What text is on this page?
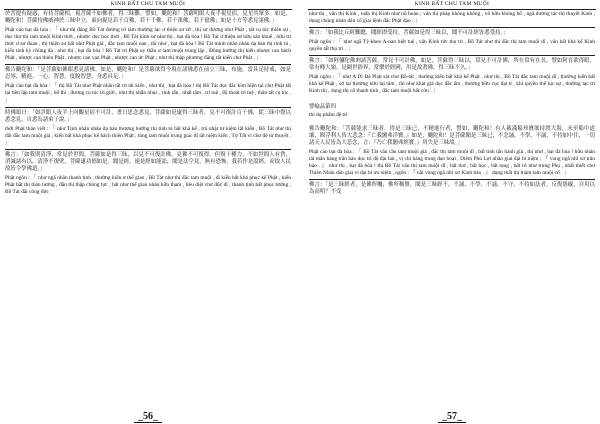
KINH BẤT CHU TAM MUỘI
於菩提有疑惑，有持菩薩相，視菩薩不如佛者，得三昧難。譬如，颰陀和！菩薩明眼人夜半視星宿，見星其眾多。如是，颰陀和！菩薩持佛威神於三昧中立，東向視見若千百佛，若千千佛，若千萬佛，若千億佛；如是十方等悉見諸佛。」
Phật cáo bạt đà hòa : 「 như thị đắng Bồ Tát đương trì tâm thường lạc ư thiện sư sở , thị sư đương như Phật , tát cụ túc thiên sự , dục thư thị tam muội Kinh thời , nhược dục học thời , Bồ Tát kính sư như thị , bạt đà hòa ! Bồ Tát ư thiện sư hữu sân khuể , hữu tri thức ư sư đoan , thị thiện sư bất như Phật giả , đắc tam muội nan , thí như , bạt đà hòa ! Bồ Tát minh nhãn nhân dạ bán thị tinh tú , kiến tinh kỳ chúng đa . như thị , bạt đà hòa ! Bồ Tát trì Phật uy thần ư tam muội trung lập , Đông hướng thị kiến nhược can bách Phật , nhược can thiên Phật , nhược can vạn Phật , nhược can ức Phật ; như thị thập phương đẳng tất kiến chư Phật . 」
佛告颰陀和：「是菩薩如佛眼悉見諸佛。如是，颰陀和！是菩薩欲得今現在諸佛悉在前立三昧，布施，當具足持戒，如是忍辱、精進、一心、智慧，度脫智慧，身悉具足。」
Phật cáo bạt đà hòa : 「 thị Bồ Tát như Phật nhãn tất trì tất kiến , như thị , bạt đà hòa ! thị Bồ Tát dục đắc kim hiện tại chư Phật tất tại tiền lập tam muội , bố thí , đương cụ túc trì giới , như thị nhẫn nhục , tinh tấn , nhất tâm , trí tuệ , độ thoát trí tuệ , thân tất cụ túc . 」
時佛頌曰：「如評眼人夜半上向觀星宿不可計，晝日思念悉見，菩薩如是逮得三昧者，見不可復計百千佛，從三昧中覺以悉念見，自悉為諸弟子說。」
thời Phật thán viết : 「 như Tịnh nhãn nhân dạ bán thượng hướng thị tinh tú bất khả kế , trú nhật tư niệm tất kiến , Bồ Tát như thị đãi đắc tam muội giả , kiến bất khả phục kế bách thiên Phật , tùng tam muội trung giác dĩ tất niệm kiến , Tự Tất vi chư đệ tử thuyết . 」
佛言：「如我則清淨，常見於世間，菩薩如是得三昧，以見不可復計佛，見佛不可復得，但復十種力。不如世間人有貪，消滅諸有以，清淨不復壁，菩薩逮功德如是。聞是經，速是經如能訟，聞是法空見，無有恐怖，我若作是說經，而取人民故皆令學佛道。」
Phật ngôn : 「 như ngã nhãn thanh tịnh , thường kiến ư thế gian , Bồ Tát như thị đắc tam muội , dĩ kiến bất khả phục kế Phật , kiến Phật bất thị thân tướng , đãn thị thập chủng lực , bất như thế gian nhân hữu tham , tiêu diệt chư độc dĩ , thanh tịnh bất phục tướng , Bồ Tát đãi công đức
_56_
KINH BẤT CHU TAM MUỘI
như thị , văn thị Kinh , tuấn thị Kinh như nổ hoàn ; văn thị pháp không không , vô hữu khủng bố , ngã đương tác thị thuyết Kinh , dụng chúng nhân dân cố giai lệnh đắc Phật đạo . 」
佛言：「如我比丘阿難聰，聞經即受持，菩薩如是得三昧以，聞不可計經皆悉受持。」
Phật ngôn : 「 như ngã Tỳ-kheo A-nan hiệt tuệ , văn Kinh tức thọ trì , Bồ Tát như thị đắc thị tam muội dĩ , văn bất khả kế Kinh quyền tất thọ trì . 」
佛言：「如阿彌陀佛剎諸菩薩，常見不可計佛，如是，菩薩得三昧以，常見不可計佛，所在常有在長，譬如阿育欲得眼，常有峰大嶺、見網世俗界，常樂於經國，用是故著佛，得三昧不久。」
Phật ngôn : 「 như A Di Đà Phật sát chư Bồ-tát , thường kiến bất khả kế Phật , như thị , Bồ Tát đắc tam muội dĩ , thường kiến bất khả kế Phật , sở tại thường hữu tại tâm , thí như khát giả dục đắc ẩm , thường hữu cục đại tỉ , khí quyền thế tục sự , thường lạc trì Kinh thị , dụng thị cố thanh tịnh , đắc tam muội bất cửu . 」
譬喻品第四
thí dụ phẩm đệ tứ
佛告颰陀和：「菩薩能求三昧者，得是三昧已，不精進行者，譬如，颰陀和！有人載滿船珍寶欲持渡大海，未至船中道壞，閻浮利人皆大悲念：『亡我闍弗浮寶。』如是，颰陀和！是菩薩聞是三昧已，不念誦、不學、不誦、不持如中住，一切諸天人民皆為大悲念，言：『乃亡我闍弗經寶。』用失是三昧故。」
Phật cáo bạt đà hòa : 「 Bồ Tát văn cầu tam muội giả , đắc thị tam muội dĩ , bất tinh tấn hành giả , thí như , bạt đà hòa ! hữu nhân tái mãn hàng trân bảo dục trì độ đại hải , vị chí hàng trung đạo hoại , Diêm Phù Lợi nhân giai đại bi niệm : 『 vong ngã nhĩ xơ trân bảo . 』 như thị , bạt đà hòa ! thị Bồ Tát văn thị tam muội dĩ , bất thư , bất học , bất tụng , bất trì như trung Phụ , nhất thiết chư Thiên Nhân dân giai vi đại bi ưu niệm , ngôn : 『 nãi vong ngã nhĩ xơ Kinh bảo . 』 dụng thất thị thàm tam muội cố . 」
佛言：「是三昧經者，是佛所囑，佛所稱譽。聞是三昧經不，不誦、不學、不誦、不守、不持如法者，反復愚癡，自用以為高明？不受
_57_
